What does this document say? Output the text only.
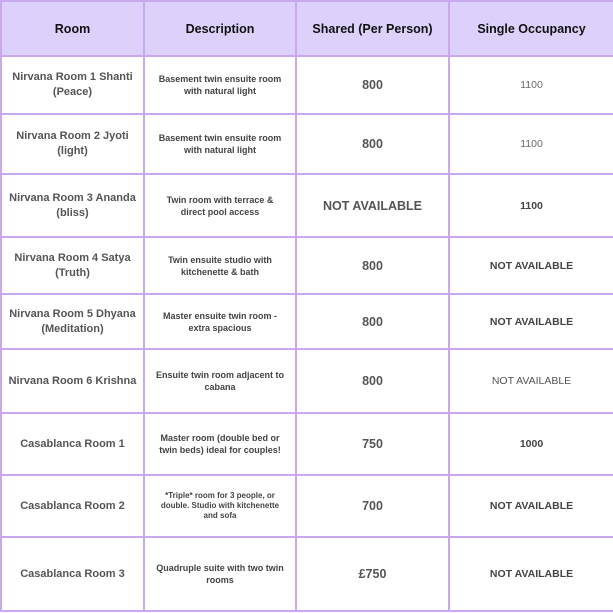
Room	Description	Shared (Per Person)	Single Occupancy
Nirvana Room 1 Shanti (Peace)	Basement twin ensuite room with natural light	800	1100
Nirvana Room 2 Jyoti (light)	Basement twin ensuite room with natural light	800	1100
Nirvana Room 3 Ananda (bliss)	Twin room with terrace & direct pool access	NOT AVAILABLE	1100
Nirvana Room 4 Satya (Truth)	Twin ensuite studio with kitchenette & bath	800	NOT AVAILABLE
Nirvana Room 5 Dhyana (Meditation)	Master ensuite twin room - extra spacious	800	NOT AVAILABLE
Nirvana Room 6 Krishna	Ensuite twin room adjacent to cabana	800	NOT AVAILABLE
Casablanca Room 1	Master room (double bed or twin beds) ideal for couples!	750	1000
Casablanca Room 2	*Triple* room for 3 people, or double. Studio with kitchenette and sofa	700	NOT AVAILABLE
Casablanca Room 3	Quadruple suite with two twin rooms	£750	NOT AVAILABLE
